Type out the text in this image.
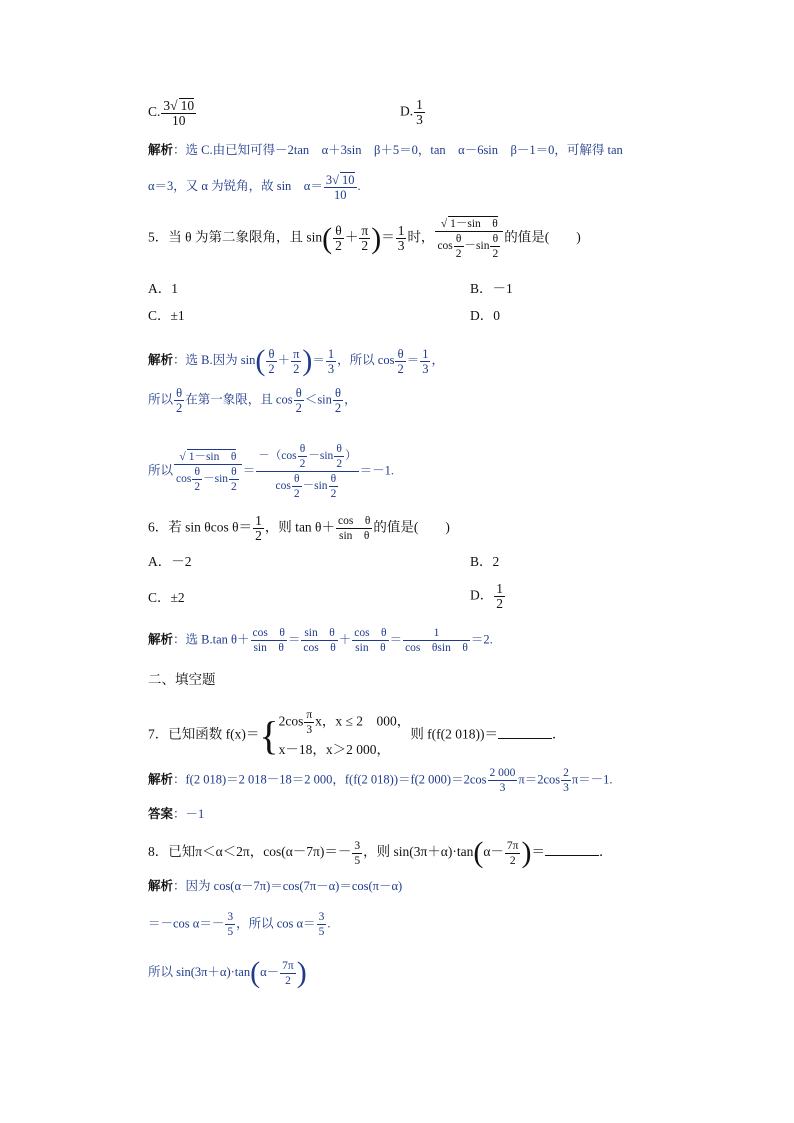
C. $\frac{3√ 10}{10}$	D. $\frac{1}{3}$
解析：选 C.由已知可得－2tan　α＋3sin　β＋5＝0，tan　α－6sin　β－1＝0，可解得 tan
α＝3，又 α 为锐角，故 sin　$\alpha= \frac{3√ 10}{10}$ .
5．当 θ 为第二象限角，且 $\sin( \frac{\theta}{2} + \frac{\pi}{2}$ )＝ $\frac{1}{3}$ 时， $\frac{\text{√ 1－sin　θ}}{\cos \frac{\theta}{2} -\sin \frac{\theta}{2}}$ 的值是(　　)
A．1	B．－1
C．±1	D．0
解析：选 B.因为 $\sin( \frac{\theta}{2} + \frac{\pi}{2}$ )＝ $\frac{1}{3}$ ，所以 $\cos \frac{\theta}{2} = \frac{1}{3}$ ，
所以 $\frac{\theta}{2}$ 在第一象限，且 $\cos \frac{\theta}{2} <\sin \frac{\theta}{2}$ ，
所以 $\frac{\text{√ 1－sin　θ}}{\cos \frac{\theta}{2} -\sin \frac{\theta}{2}} = \frac{-(\cos \frac{\theta}{2} -\sin \frac{\theta}{2} )}{\cos \frac{\theta}{2} -\sin \frac{\theta}{2}} =-1$.
6．若 sin θcos $\theta= \frac{1}{2}$ ，则 $\tan \theta+ \frac{\text{cos　θ}}{\text{sin　θ}}$ 的值是(　　)
A．－2	B．2
C．±2	D． $\frac{1}{2}$
解析：选 B.tan $\theta+ \frac{\text{cos　θ}}{\text{sin　θ}} = \frac{\text{sin　θ}}{\text{cos　θ}} + \frac{\text{cos　θ}}{\text{sin　θ}} = \frac{1}{\text{cos　θsin　θ}} =2$.
二、填空题
7．已知函数 f(x)＝{ $2\cos \frac{\pi}{3}$ x，x ≤ 2　000，
x－18，x＞2 000，
则 f(f(2 018))＝	．
解析：f(2 018)＝2 018－18＝2 000，f(f(2 018))＝f(2 $000)=2\cos \frac{2 000}{3} \pi=2\cos \frac{2}{3} \pi=-1$.
答案：－1
8．已知π＜α＜2π，$\cos(\alpha-7\pi)=- \frac{3}{5}$ ，则 $\sin(3\pi+\alpha)\cdot\tan(\alpha- \frac{7\pi}{2}$ )＝	．
解析：因为 cos(α－7π)＝cos(7π－α)＝cos(π－α)
＝－cos $\alpha=- \frac{3}{5}$ ，所以 $\cos \alpha= \frac{3}{5}$ .
所以 $\sin(3\pi+\alpha)\cdot\tan(\alpha- \frac{7\pi}{2}$ )
